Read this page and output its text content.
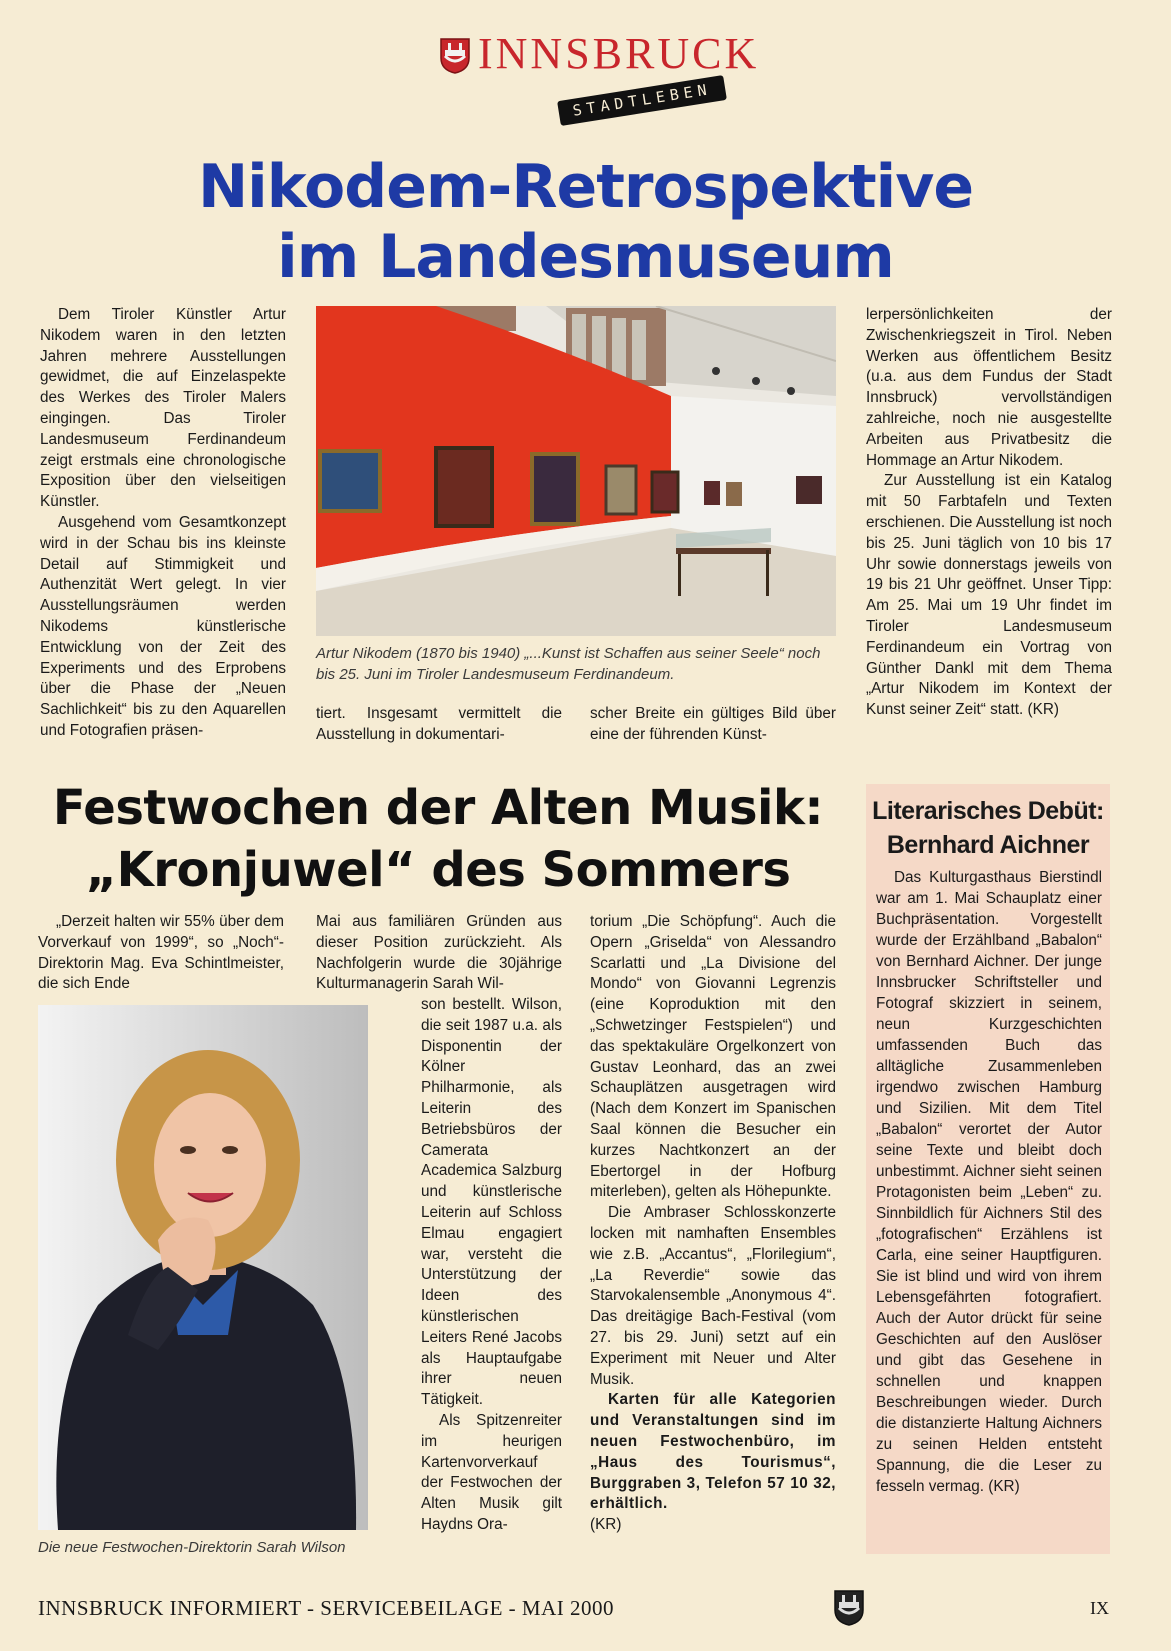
INNSBRUCK
STADTLEBEN
Nikodem-Retrospektive
im Landesmuseum

Dem Tiroler Künstler Artur Nikodem waren in den letzten Jahren mehrere Ausstellungen gewidmet, die auf Einzelaspekte des Werkes des Tiroler Malers eingingen. Das Tiroler Landesmuseum Ferdinandeum zeigt erstmals eine chronologische Exposition über den vielseitigen Künstler.

Ausgehend vom Gesamtkonzept wird in der Schau bis ins kleinste Detail auf Stimmigkeit und Authenzität Wert gelegt. In vier Ausstellungsräumen werden Nikodems künstlerische Entwicklung von der Zeit des Experiments und des Erprobens über die Phase der „Neuen Sachlichkeit“ bis zu den Aquarellen und Fotografien präsen-

Artur Nikodem (1870 bis 1940) „...Kunst ist Schaffen aus seiner Seele“ noch bis 25. Juni im Tiroler Landesmuseum Ferdinandeum.

tiert. Insgesamt vermittelt die Ausstellung in dokumentari-

scher Breite ein gültiges Bild über eine der führenden Künst-

lerpersönlichkeiten der Zwischenkriegszeit in Tirol. Neben Werken aus öffentlichem Besitz (u.a. aus dem Fundus der Stadt Innsbruck) vervollständigen zahlreiche, noch nie ausgestellte Arbeiten aus Privatbesitz die Hommage an Artur Nikodem.

Zur Ausstellung ist ein Katalog mit 50 Farbtafeln und Texten erschienen. Die Ausstellung ist noch bis 25. Juni täglich von 10 bis 17 Uhr sowie donnerstags jeweils von 19 bis 21 Uhr geöffnet. Unser Tipp: Am 25. Mai um 19 Uhr findet im Tiroler Landesmuseum Ferdinandeum ein Vortrag von Günther Dankl mit dem Thema „Artur Nikodem im Kontext der Kunst seiner Zeit“ statt. (KR)

Festwochen der Alten Musik:
„Kronjuwel“ des Sommers

„Derzeit halten wir 55% über dem Vorverkauf von 1999“, so „Noch“-Direktorin Mag. Eva Schintlmeister, die sich Ende

Die neue Festwochen-Direktorin Sarah Wilson

Mai aus familiären Gründen aus dieser Position zurückzieht. Als Nachfolgerin wurde die 30jährige Kulturmanagerin Sarah Wil-

son bestellt. Wilson, die seit 1987 u.a. als Disponentin der Kölner Philharmonie, als Leiterin des Betriebsbüros der Camerata Academica Salzburg und künstlerische Leiterin auf Schloss Elmau engagiert war, versteht die Unterstützung der Ideen des künstlerischen Leiters René Jacobs als Hauptaufgabe ihrer neuen Tätigkeit.

Als Spitzenreiter im heurigen Kartenvorverkauf der Festwochen der Alten Musik gilt Haydns Ora-

torium „Die Schöpfung“. Auch die Opern „Griselda“ von Alessandro Scarlatti und „La Divisione del Mondo“ von Giovanni Legrenzis (eine Koproduktion mit den „Schwetzinger Festspielen“) und das spektakuläre Orgelkonzert von Gustav Leonhard, das an zwei Schauplätzen ausgetragen wird (Nach dem Konzert im Spanischen Saal können die Besucher ein kurzes Nachtkonzert an der Ebertorgel in der Hofburg miterleben), gelten als Höhepunkte.

Die Ambraser Schlosskonzerte locken mit namhaften Ensembles wie z.B. „Accantus“, „Florilegium“, „La Reverdie“ sowie das Starvokalensemble „Anonymous 4“. Das dreitägige Bach-Festival (vom 27. bis 29. Juni) setzt auf ein Experiment mit Neuer und Alter Musik.

Karten für alle Kategorien und Veranstaltungen sind im neuen Festwochenbüro, im „Haus des Tourismus“, Burggraben 3, Telefon 57 10 32, erhältlich.

(KR)

Literarisches Debüt:
Bernhard Aichner

Das Kulturgasthaus Bierstindl war am 1. Mai Schauplatz einer Buchpräsentation. Vorgestellt wurde der Erzählband „Babalon“ von Bernhard Aichner. Der junge Innsbrucker Schriftsteller und Fotograf skizziert in seinem, neun Kurzgeschichten umfassenden Buch das alltägliche Zusammenleben irgendwo zwischen Hamburg und Sizilien. Mit dem Titel „Babalon“ verortet der Autor seine Texte und bleibt doch unbestimmt. Aichner sieht seinen Protagonisten beim „Leben“ zu. Sinnbildlich für Aichners Stil des „fotografischen“ Erzählens ist Carla, eine seiner Hauptfiguren. Sie ist blind und wird von ihrem Lebensgefährten fotografiert. Auch der Autor drückt für seine Geschichten auf den Auslöser und gibt das Gesehene in schnellen und knappen Beschreibungen wieder. Durch die distanzierte Haltung Aichners zu seinen Helden entsteht Spannung, die die Leser zu fesseln vermag. (KR)

INNSBRUCK INFORMIERT - SERVICEBEILAGE - MAI 2000	IX
